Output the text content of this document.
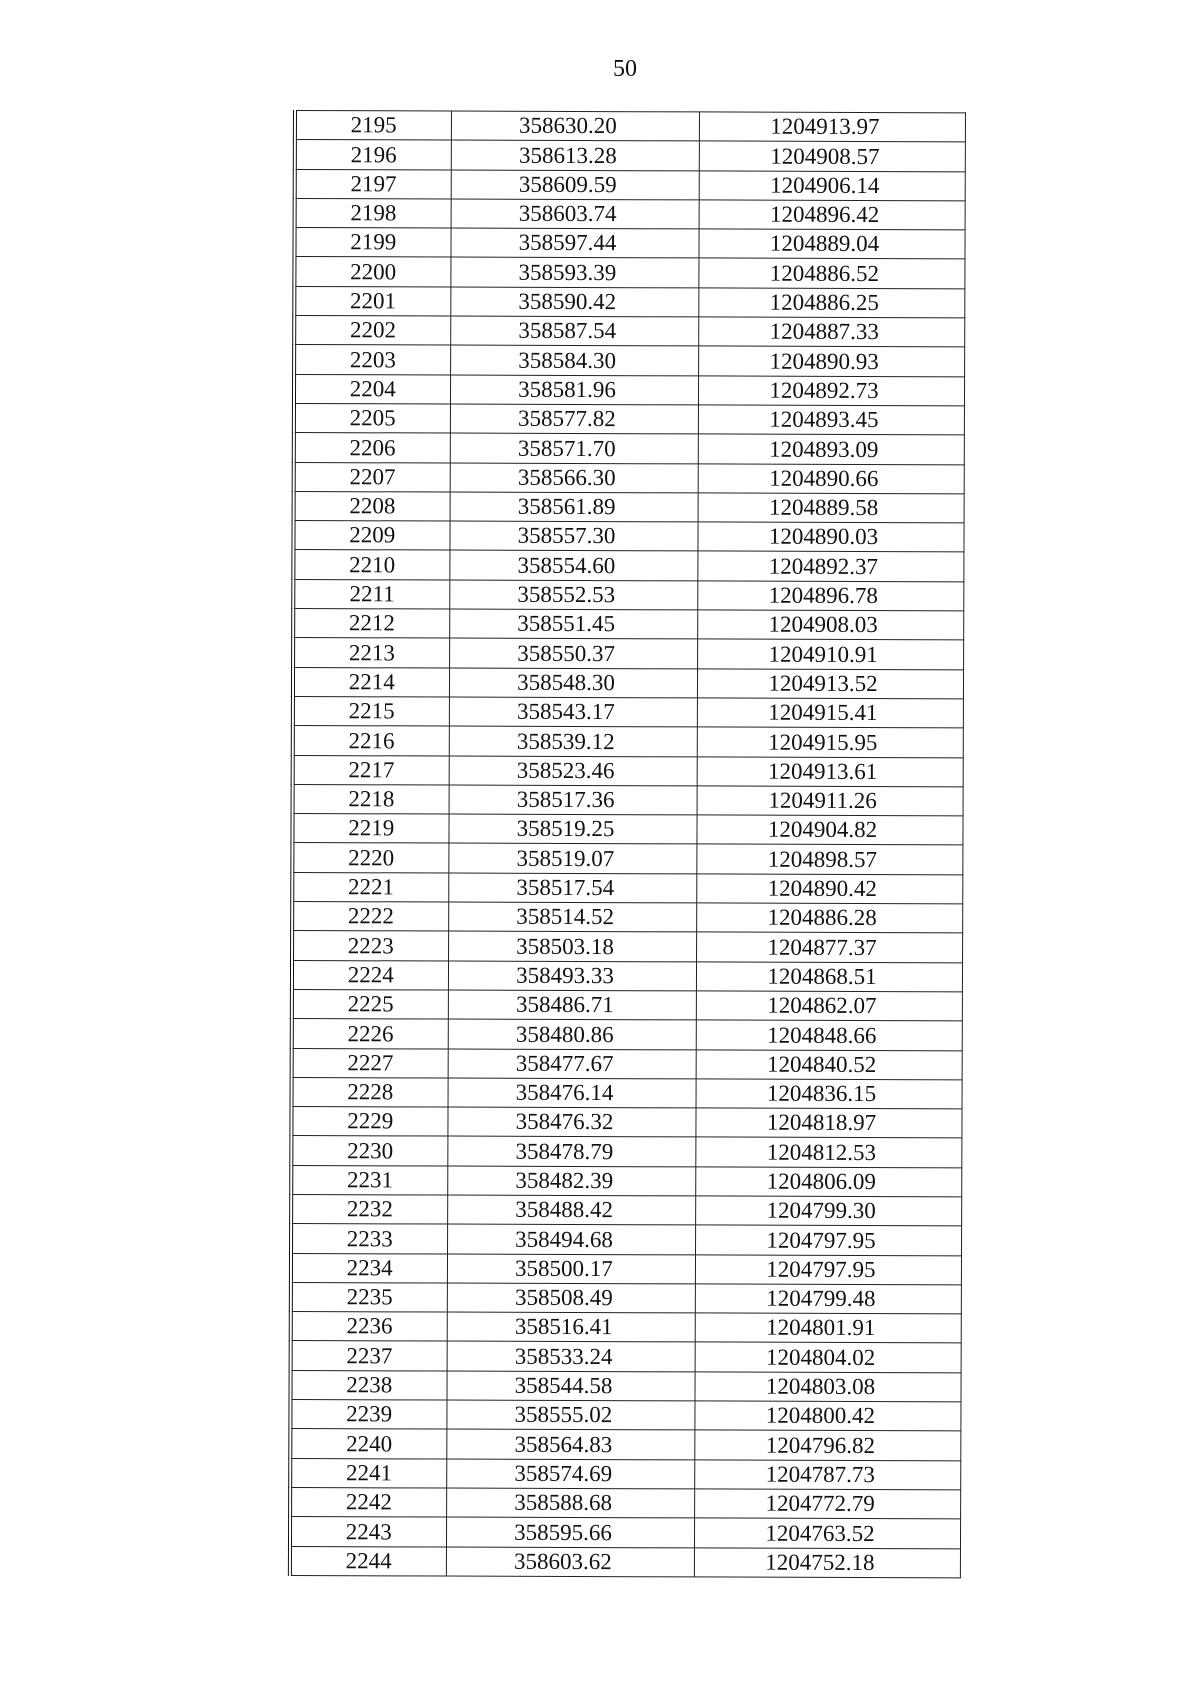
50
2195	358630.20	1204913.97
2196	358613.28	1204908.57
2197	358609.59	1204906.14
2198	358603.74	1204896.42
2199	358597.44	1204889.04
2200	358593.39	1204886.52
2201	358590.42	1204886.25
2202	358587.54	1204887.33
2203	358584.30	1204890.93
2204	358581.96	1204892.73
2205	358577.82	1204893.45
2206	358571.70	1204893.09
2207	358566.30	1204890.66
2208	358561.89	1204889.58
2209	358557.30	1204890.03
2210	358554.60	1204892.37
2211	358552.53	1204896.78
2212	358551.45	1204908.03
2213	358550.37	1204910.91
2214	358548.30	1204913.52
2215	358543.17	1204915.41
2216	358539.12	1204915.95
2217	358523.46	1204913.61
2218	358517.36	1204911.26
2219	358519.25	1204904.82
2220	358519.07	1204898.57
2221	358517.54	1204890.42
2222	358514.52	1204886.28
2223	358503.18	1204877.37
2224	358493.33	1204868.51
2225	358486.71	1204862.07
2226	358480.86	1204848.66
2227	358477.67	1204840.52
2228	358476.14	1204836.15
2229	358476.32	1204818.97
2230	358478.79	1204812.53
2231	358482.39	1204806.09
2232	358488.42	1204799.30
2233	358494.68	1204797.95
2234	358500.17	1204797.95
2235	358508.49	1204799.48
2236	358516.41	1204801.91
2237	358533.24	1204804.02
2238	358544.58	1204803.08
2239	358555.02	1204800.42
2240	358564.83	1204796.82
2241	358574.69	1204787.73
2242	358588.68	1204772.79
2243	358595.66	1204763.52
2244	358603.62	1204752.18
